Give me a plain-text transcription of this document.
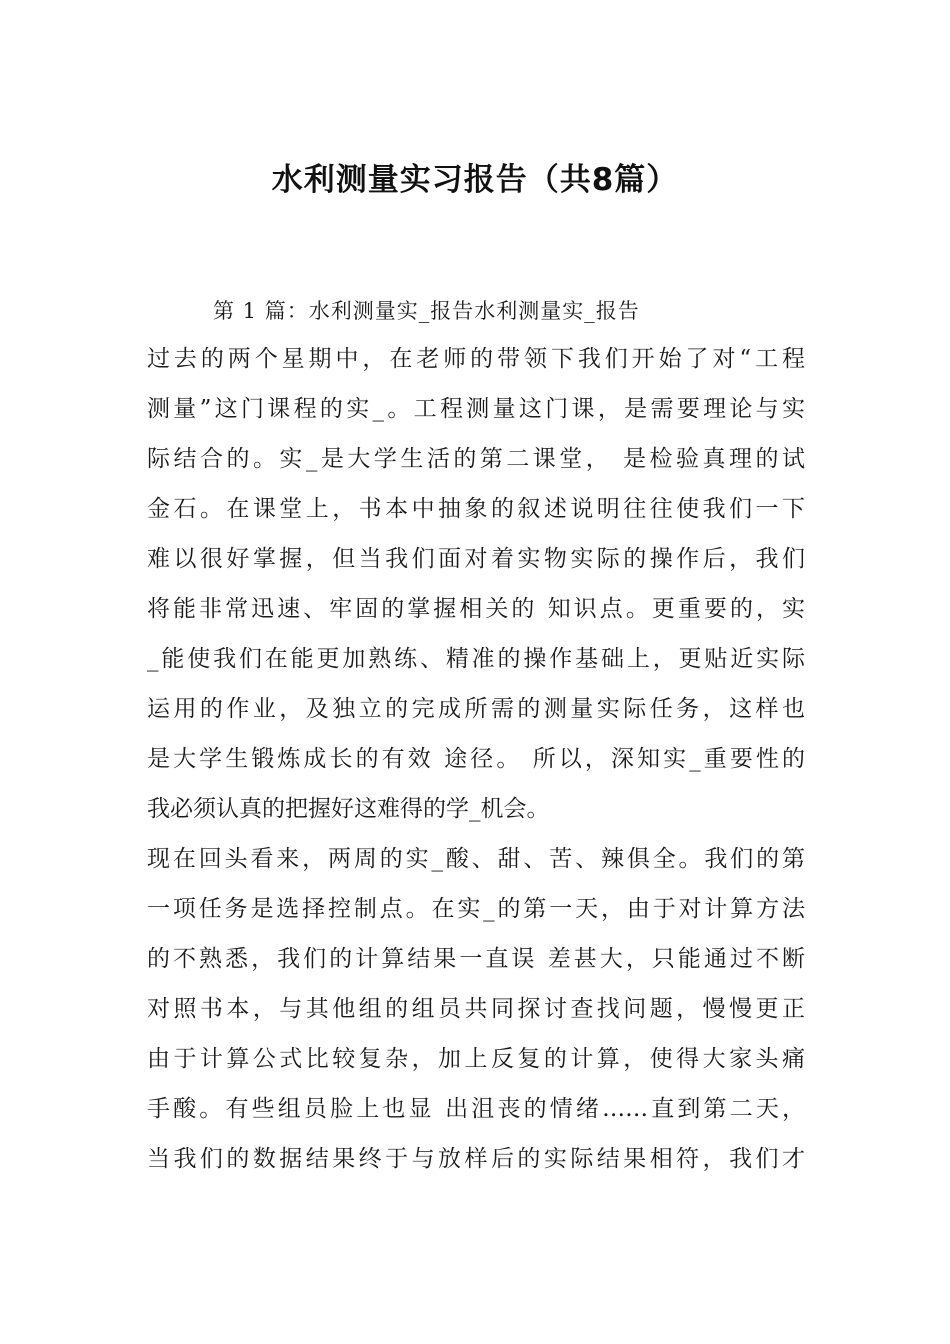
水利测量实习报告（共8篇）
第 1 篇：水利测量实_报告水利测量实_报告
过去的两个星期中，在老师的带领下我们开始了对“工程
测量”这门课程的实_。工程测量这门课，是需要理论与实
际结合的。实_是大学生活的第二课堂， 是检验真理的试
金石。在课堂上，书本中抽象的叙述说明往往使我们一下
难以很好掌握，但当我们面对着实物实际的操作后，我们
将能非常迅速、牢固的掌握相关的 知识点。更重要的，实
_能使我们在能更加熟练、精准的操作基础上，更贴近实际
运用的作业，及独立的完成所需的测量实际任务，这样也
是大学生锻炼成长的有效 途径。 所以，深知实_重要性的
我必须认真的把握好这难得的学_机会。
现在回头看来，两周的实_酸、甜、苦、辣俱全。我们的第
一项任务是选择控制点。在实_的第一天，由于对计算方法
的不熟悉，我们的计算结果一直误 差甚大，只能通过不断
对照书本，与其他组的组员共同探讨查找问题，慢慢更正
由于计算公式比较复杂，加上反复的计算，使得大家头痛
手酸。有些组员脸上也显 出沮丧的情绪……直到第二天，
当我们的数据结果终于与放样后的实际结果相符，我们才
